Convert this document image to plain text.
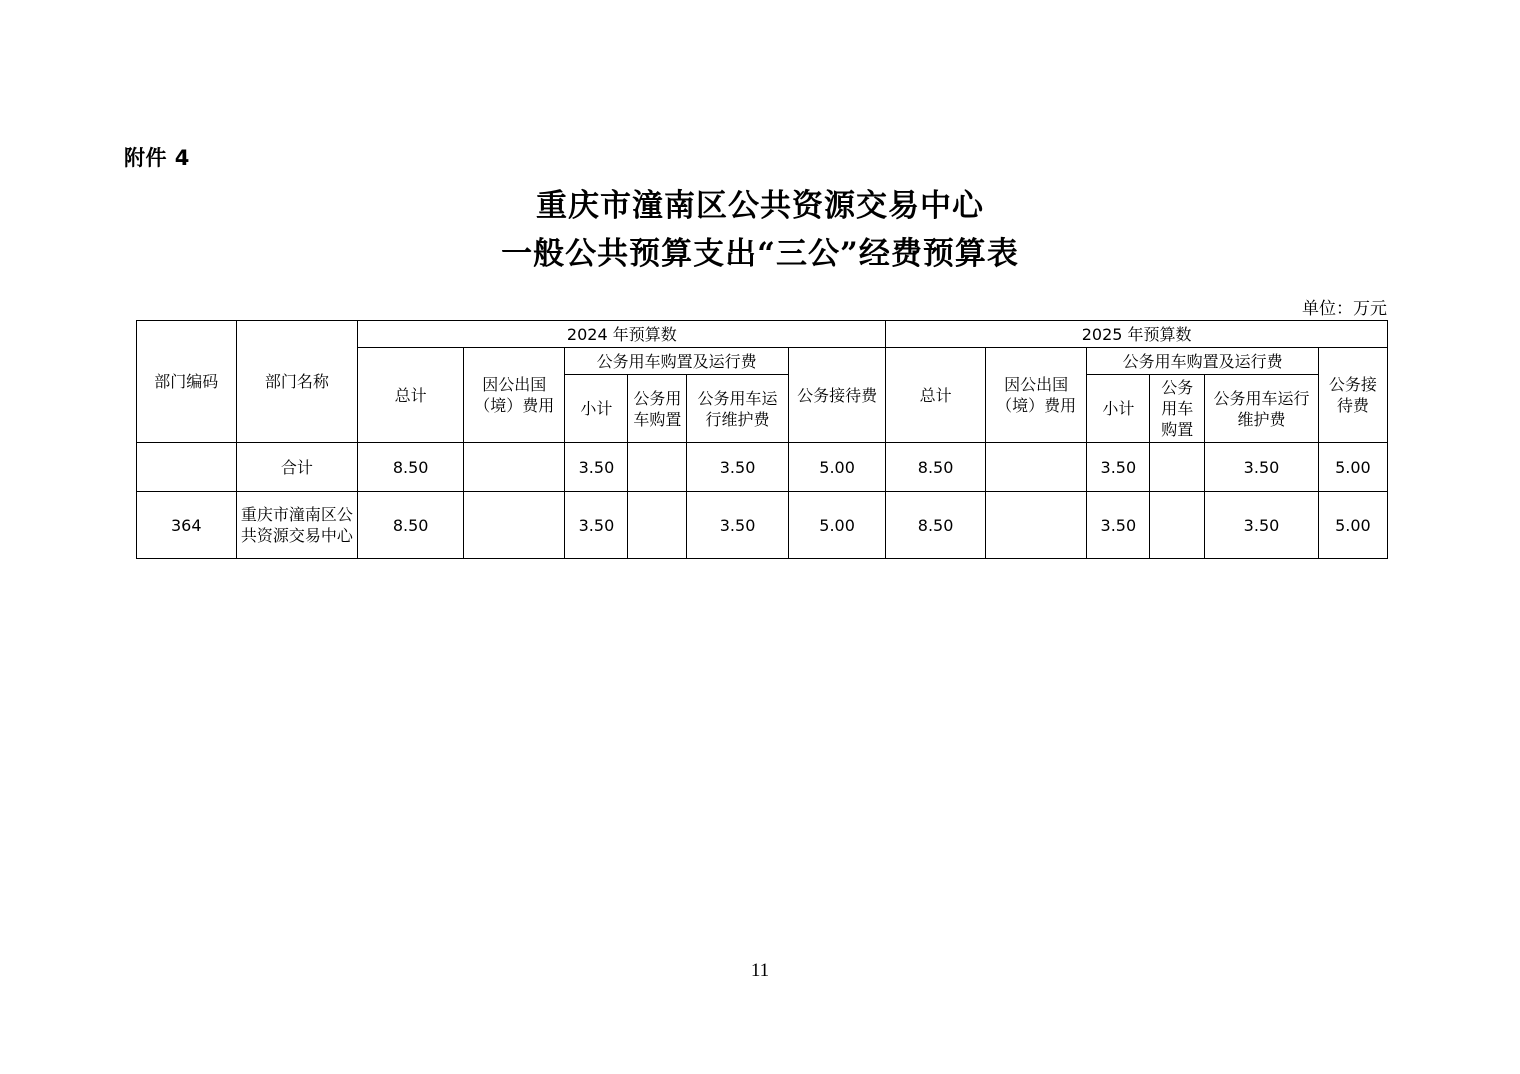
附件 4
重庆市潼南区公共资源交易中心
一般公共预算支出“三公”经费预算表
单位：万元
部门编码	部门名称	2024 年预算数						2025 年预算数					
		总计	因公出国（境）费用	公务用车购置及运行费			公务接待费	总计	因公出国（境）费用	公务用车购置及运行费			公务接待费
				小计	公务用车购置	公务用车运行维护费				小计	公务用车购置	公务用车运行维护费	

	合计	8.50		3.50		3.50	5.00	8.50		3.50		3.50	5.00
364	重庆市潼南区公共资源交易中心	8.50		3.50		3.50	5.00	8.50		3.50		3.50	5.00
11
